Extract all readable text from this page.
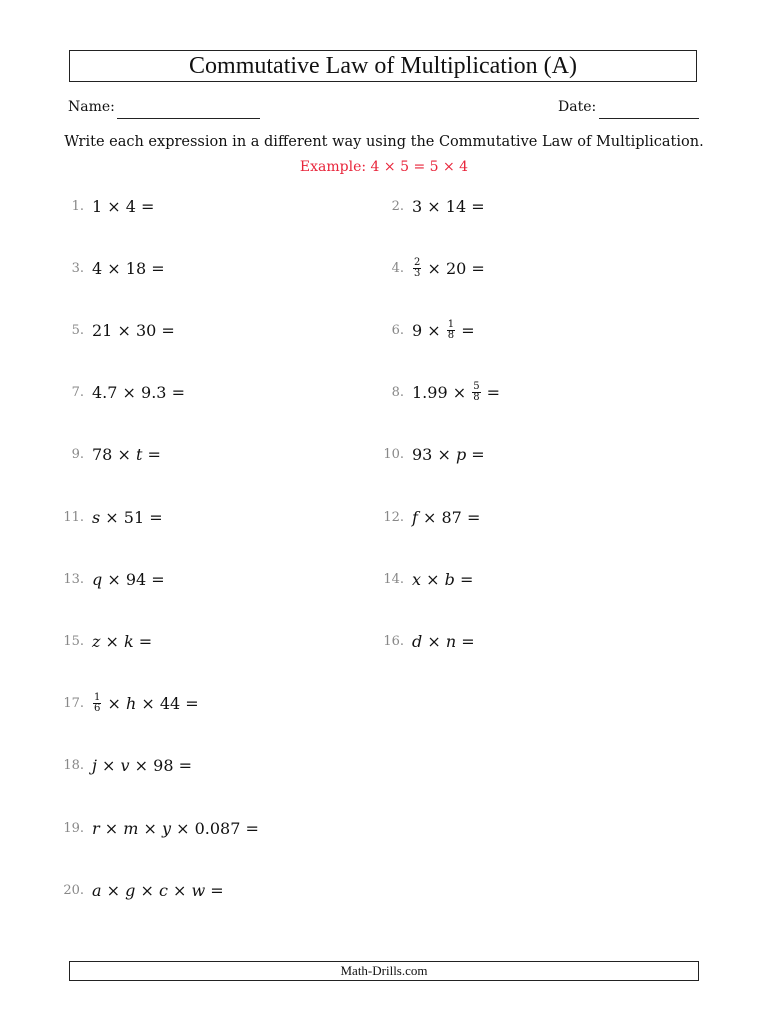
Commutative Law of Multiplication (A)
Name:	Date:
Write each expression in a different way using the Commutative Law of Multiplication.
Example: 4 × 5 = 5 × 4
1. 1 × 4 =	2. 3 × 14 =
3. 4 × 18 =	4. $\frac{2}{3} \times 20$ =
5. 21 × 30 =	6. $9 \times \frac{1}{8}$ =
7. 4.7 × 9.3 =	8. $1.99 \times \frac{5}{8}$ =
9. 78 × t =	10. 93 × p =
11. s × 51 =	12. f × 87 =
13. q × 94 =	14. x × b =
15. z × k =	16. d × n =
17. $\frac{1}{6} \times h \times 44$ =
18. j × v × 98 =
19. r × m × y × 0.087 =
20. a × g × c × w =
Math-Drills.com
